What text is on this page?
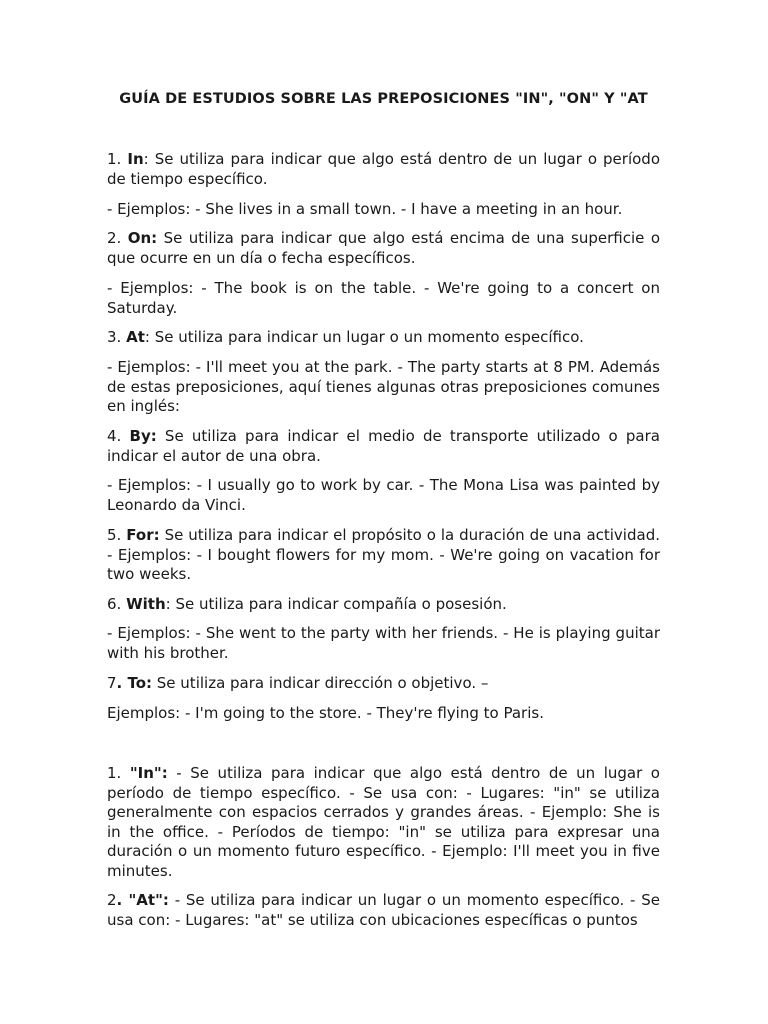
GUÍA DE ESTUDIOS SOBRE LAS PREPOSICIONES "IN", "ON" Y "AT

1. In: Se utiliza para indicar que algo está dentro de un lugar o período de tiempo específico.

- Ejemplos: - She lives in a small town. - I have a meeting in an hour.

2. On: Se utiliza para indicar que algo está encima de una superficie o que ocurre en un día o fecha específicos.

- Ejemplos: - The book is on the table. - We're going to a concert on Saturday.

3. At: Se utiliza para indicar un lugar o un momento específico.

- Ejemplos: - I'll meet you at the park. - The party starts at 8 PM. Además de estas preposiciones, aquí tienes algunas otras preposiciones comunes en inglés:

4. By: Se utiliza para indicar el medio de transporte utilizado o para indicar el autor de una obra.

- Ejemplos: - I usually go to work by car. - The Mona Lisa was painted by Leonardo da Vinci.

5. For: Se utiliza para indicar el propósito o la duración de una actividad. - Ejemplos: - I bought flowers for my mom. - We're going on vacation for two weeks.

6. With: Se utiliza para indicar compañía o posesión.

- Ejemplos: - She went to the party with her friends. - He is playing guitar with his brother.

7. To: Se utiliza para indicar dirección o objetivo. –

Ejemplos: - I'm going to the store. - They're flying to Paris.

1. "In": - Se utiliza para indicar que algo está dentro de un lugar o período de tiempo específico. - Se usa con: - Lugares: "in" se utiliza generalmente con espacios cerrados y grandes áreas. - Ejemplo: She is in the office. - Períodos de tiempo: "in" se utiliza para expresar una duración o un momento futuro específico. - Ejemplo: I'll meet you in five minutes.

2. "At": - Se utiliza para indicar un lugar o un momento específico. - Se usa con: - Lugares: "at" se utiliza con ubicaciones específicas o puntos
